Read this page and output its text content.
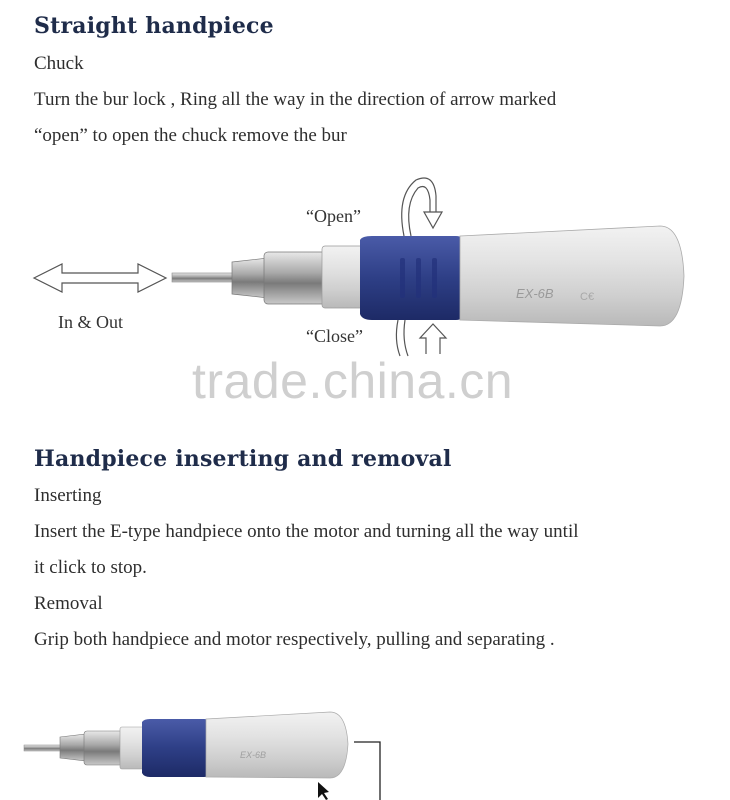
Straight handpiece
Chuck
Turn the bur lock , Ring all the way in the direction of arrow marked
“open” to open the chuck remove the bur
EX-6B C€
“Open”
“Close”
In & Out
trade.china.cn
Handpiece inserting and removal
Inserting
Insert the E-type handpiece onto the motor and turning all the way until
it click to stop.
Removal
Grip both handpiece and motor respectively, pulling and separating .
EX-6B
